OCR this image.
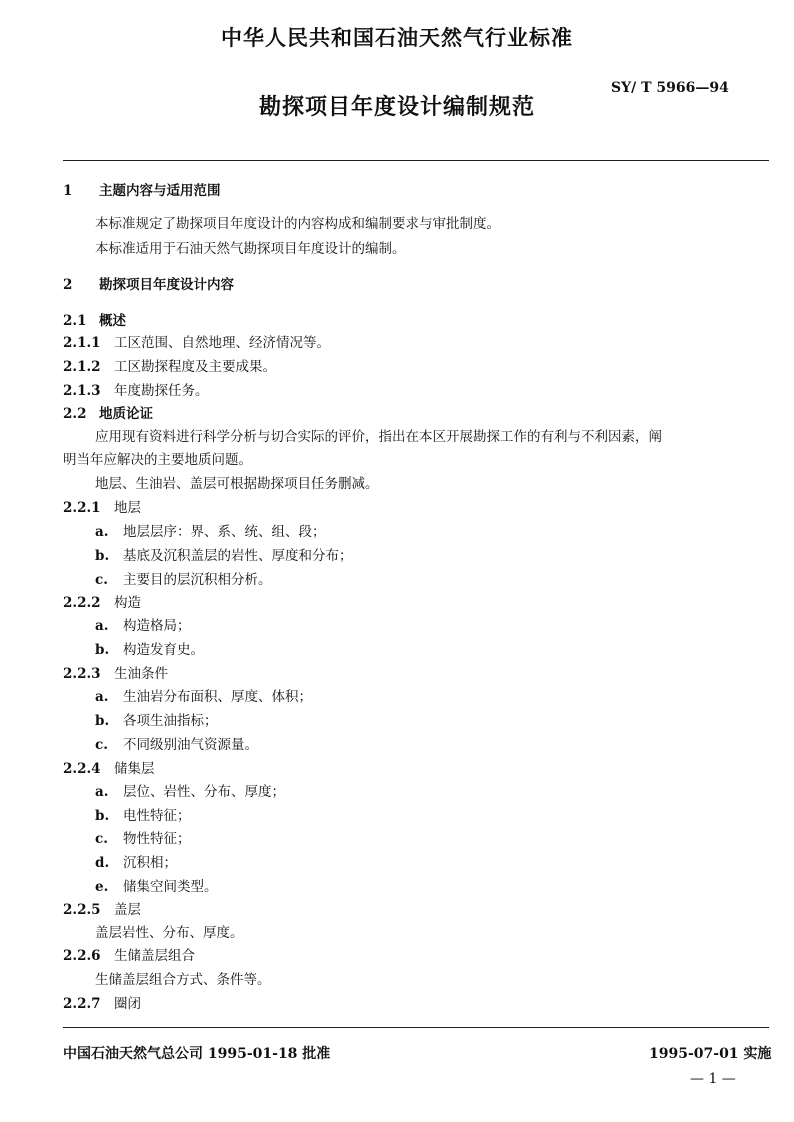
中华人民共和国石油天然气行业标准
SY/ T 5966—94
勘探项目年度设计编制规范
1 主题内容与适用范围
本标准规定了勘探项目年度设计的内容构成和编制要求与审批制度。
本标准适用于石油天然气勘探项目年度设计的编制。
2 勘探项目年度设计内容
2.1 概述
2.1.1 工区范围、自然地理、经济情况等。
2.1.2 工区勘探程度及主要成果。
2.1.3 年度勘探任务。
2.2 地质论证
应用现有资料进行科学分析与切合实际的评价，指出在本区开展勘探工作的有利与不利因素，阐
明当年应解决的主要地质问题。
地层、生油岩、盖层可根据勘探项目任务删减。
2.2.1 地层
a. 地层层序：界、系、统、组、段；
b. 基底及沉积盖层的岩性、厚度和分布；
c. 主要目的层沉积相分析。
2.2.2 构造
a. 构造格局；
b. 构造发育史。
2.2.3 生油条件
a. 生油岩分布面积、厚度、体积；
b. 各项生油指标；
c. 不同级别油气资源量。
2.2.4 储集层
a. 层位、岩性、分布、厚度；
b. 电性特征；
c. 物性特征；
d. 沉积相；
e. 储集空间类型。
2.2.5 盖层
盖层岩性、分布、厚度。
2.2.6 生储盖层组合
生储盖层组合方式、条件等。
2.2.7 圈闭
中国石油天然气总公司 1995-01-18 批准	1995-07-01 实施
— 1 —
